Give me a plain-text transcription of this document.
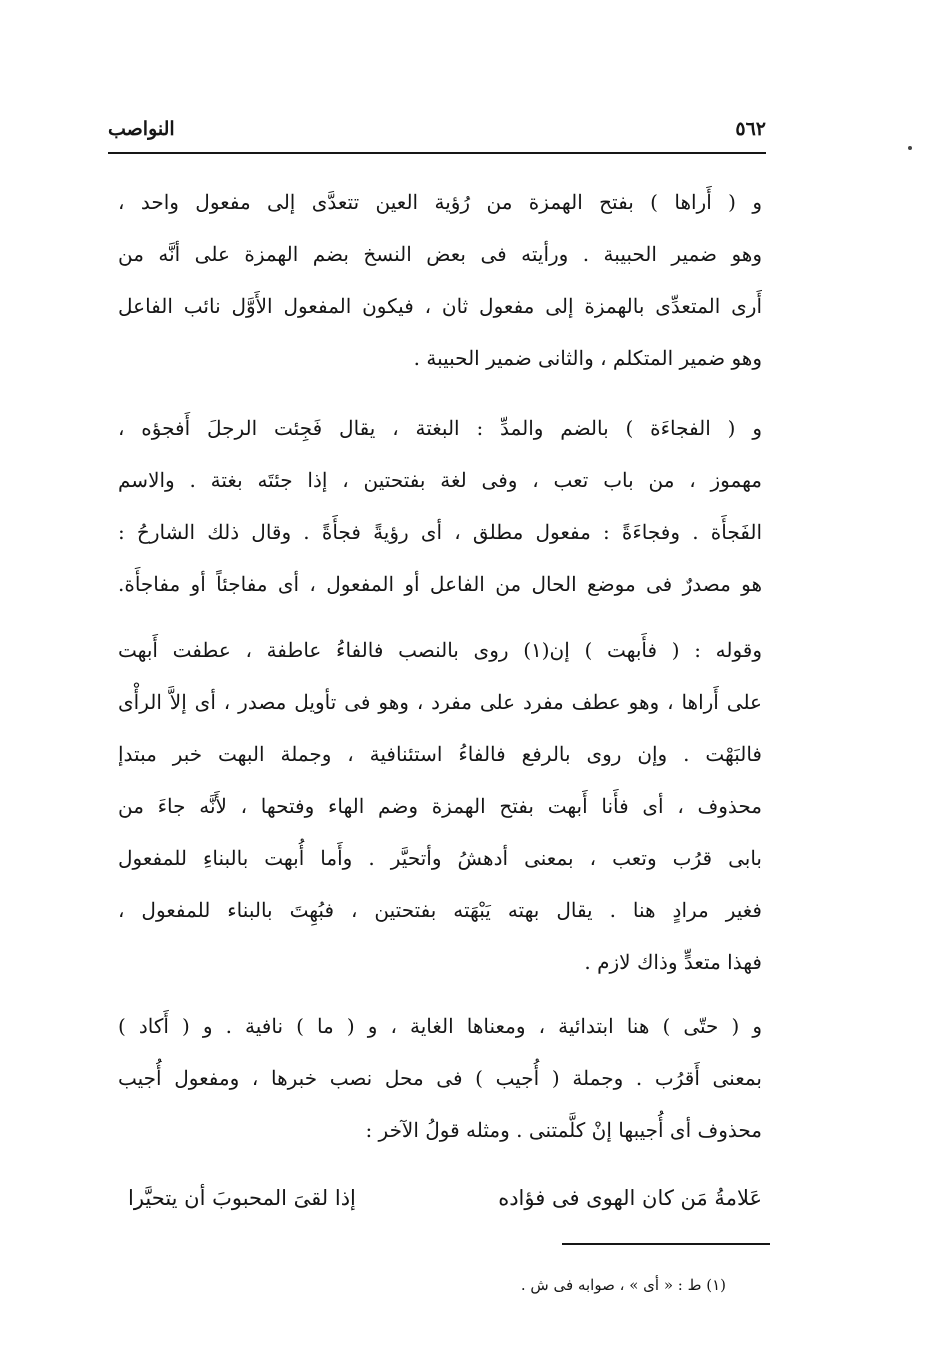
٥٦٢
النواصب
و ( أَراها ) بفتح الهمزة من رُؤية العين تتعدَّى إلى مفعول واحد ،
وهو ضمير الحبيبة . ورأيته فى بعض النسخ بضم الهمزة على أنَّه من
أَرى المتعدِّى بالهمزة إلى مفعول ثان ، فيكون المفعول الأَوَّل نائب الفاعل
وهو ضمير المتكلم ، والثانى ضمير الحبيبة .
و ( الفجاءَة ) بالضم والمدِّ : البغتة ، يقال فَجِئت الرجلَ أَفجؤه ،
مهموز ، من باب تعب ، وفى لغة بفتحتين ، إذا جئتَه بغتة . والاسم
الفَجأَة . وفجاءَةً : مفعول مطلق ، أى رؤيةً فجأَةً . وقال ذلك الشارحُ :
هو مصدرٌ فى موضع الحال من الفاعل أو المفعول ، أى مفاجئاً أو مفاجأَة.
وقوله : ( فأَبهت ) إن(١) روى بالنصب فالفاءُ عاطفة ، عطفت أَبهت
على أَراها ، وهو عطف مفرد على مفرد ، وهو فى تأويل مصدر ، أى إلاَّ الرأْى
فالبَهْت . وإن روى بالرفع فالفاءُ استئنافية ، وجملة البهت خبر مبتدإ
محذوف ، أى فأَنا أَبهت بفتح الهمزة وضم الهاء وفتحها ، لأَنَّه جاءَ من
بابى قرُب وتعب ، بمعنى أدهشُ وأتحيَّر . وأَما أُبهت بالبناءِ للمفعول
فغير مرادٍ هنا . يقال بهته يَبْهَته بفتحتين ، فبُهِتَ بالبناء للمفعول ،
فهذا متعدٍّ وذاك لازم .
و ( حتّى ) هنا ابتدائية ، ومعناها الغاية ، و ( ما ) نافية . و ( أَكاد )
بمعنى أَقرُب . وجملة ( أُجيب ) فى محل نصب خبرها ، ومفعول أُجيب
محذوف أى أُجيبها إنْ كلَّمتنى . ومثله قولُ الآخر :
عَلامةُ مَن كان الهوى فى فؤاده
إذا لقىَ المحبوبَ أن يتحيَّرا
(١) ط : « أى » ، صوابه فى ش .
